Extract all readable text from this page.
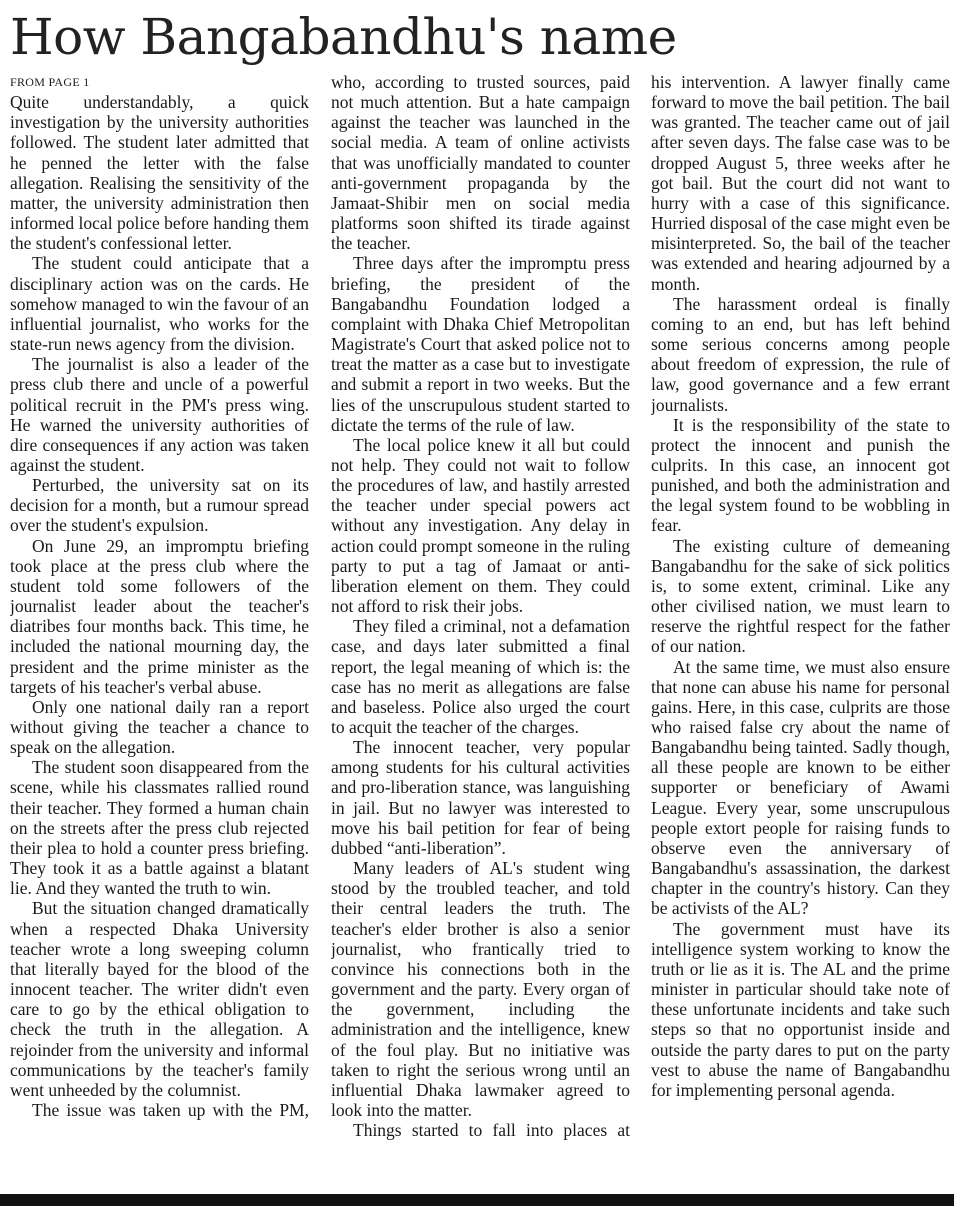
How Bangabandhu's name
FROM PAGE 1

Quite understandably, a quick investigation by the university authorities followed. The student later admitted that he penned the letter with the false allegation. Realising the sensitivity of the matter, the university administration then informed local police before handing them the student's confessional letter.

The student could anticipate that a disciplinary action was on the cards. He somehow managed to win the favour of an influential journalist, who works for the state-run news agency from the division.

The journalist is also a leader of the press club there and uncle of a powerful political recruit in the PM's press wing. He warned the university authorities of dire consequences if any action was taken against the student.

Perturbed, the university sat on its decision for a month, but a rumour spread over the student's expulsion.

On June 29, an impromptu briefing took place at the press club where the student told some followers of the journalist leader about the teacher's diatribes four months back. This time, he included the national mourning day, the president and the prime minister as the targets of his teacher's verbal abuse.

Only one national daily ran a report without giving the teacher a chance to speak on the allegation.

The student soon disappeared from the scene, while his classmates rallied round their teacher. They formed a human chain on the streets after the press club rejected their plea to hold a counter press briefing. They took it as a battle against a blatant lie. And they wanted the truth to win.

But the situation changed dramatically when a respected Dhaka University teacher wrote a long sweeping column that literally bayed for the blood of the innocent teacher. The writer didn't even care to go by the ethical obligation to check the truth in the allegation. A rejoinder from the university and informal communications by the teacher's family went unheeded by the columnist.

The issue was taken up with the PM,

who, according to trusted sources, paid not much attention. But a hate campaign against the teacher was launched in the social media. A team of online activists that was unofficially mandated to counter anti-government propaganda by the Jamaat-Shibir men on social media platforms soon shifted its tirade against the teacher.

Three days after the impromptu press briefing, the president of the Bangabandhu Foundation lodged a complaint with Dhaka Chief Metropolitan Magistrate's Court that asked police not to treat the matter as a case but to investigate and submit a report in two weeks. But the lies of the unscrupulous student started to dictate the terms of the rule of law.

The local police knew it all but could not help. They could not wait to follow the procedures of law, and hastily arrested the teacher under special powers act without any investigation. Any delay in action could prompt someone in the ruling party to put a tag of Jamaat or anti-liberation element on them. They could not afford to risk their jobs.

They filed a criminal, not a defamation case, and days later submitted a final report, the legal meaning of which is: the case has no merit as allegations are false and baseless. Police also urged the court to acquit the teacher of the charges.

The innocent teacher, very popular among students for his cultural activities and pro-liberation stance, was languishing in jail. But no lawyer was interested to move his bail petition for fear of being dubbed “anti-liberation”.

Many leaders of AL's student wing stood by the troubled teacher, and told their central leaders the truth. The teacher's elder brother is also a senior journalist, who frantically tried to convince his connections both in the government and the party. Every organ of the government, including the administration and the intelligence, knew of the foul play. But no initiative was taken to right the serious wrong until an influential Dhaka lawmaker agreed to look into the matter.

Things started to fall into places at

his intervention. A lawyer finally came forward to move the bail petition. The bail was granted. The teacher came out of jail after seven days. The false case was to be dropped August 5, three weeks after he got bail. But the court did not want to hurry with a case of this significance. Hurried disposal of the case might even be misinterpreted. So, the bail of the teacher was extended and hearing adjourned by a month.

The harassment ordeal is finally coming to an end, but has left behind some serious concerns among people about freedom of expression, the rule of law, good governance and a few errant journalists.

It is the responsibility of the state to protect the innocent and punish the culprits. In this case, an innocent got punished, and both the administration and the legal system found to be wobbling in fear.

The existing culture of demeaning Bangabandhu for the sake of sick politics is, to some extent, criminal. Like any other civilised nation, we must learn to reserve the rightful respect for the father of our nation.

At the same time, we must also ensure that none can abuse his name for personal gains. Here, in this case, culprits are those who raised false cry about the name of Bangabandhu being tainted. Sadly though, all these people are known to be either supporter or beneficiary of Awami League. Every year, some unscrupulous people extort people for raising funds to observe even the anniversary of Bangabandhu's assassination, the darkest chapter in the country's history. Can they be activists of the AL?

The government must have its intelligence system working to know the truth or lie as it is. The AL and the prime minister in particular should take note of these unfortunate incidents and take such steps so that no opportunist inside and outside the party dares to put on the party vest to abuse the name of Bangabandhu for implementing personal agenda.
